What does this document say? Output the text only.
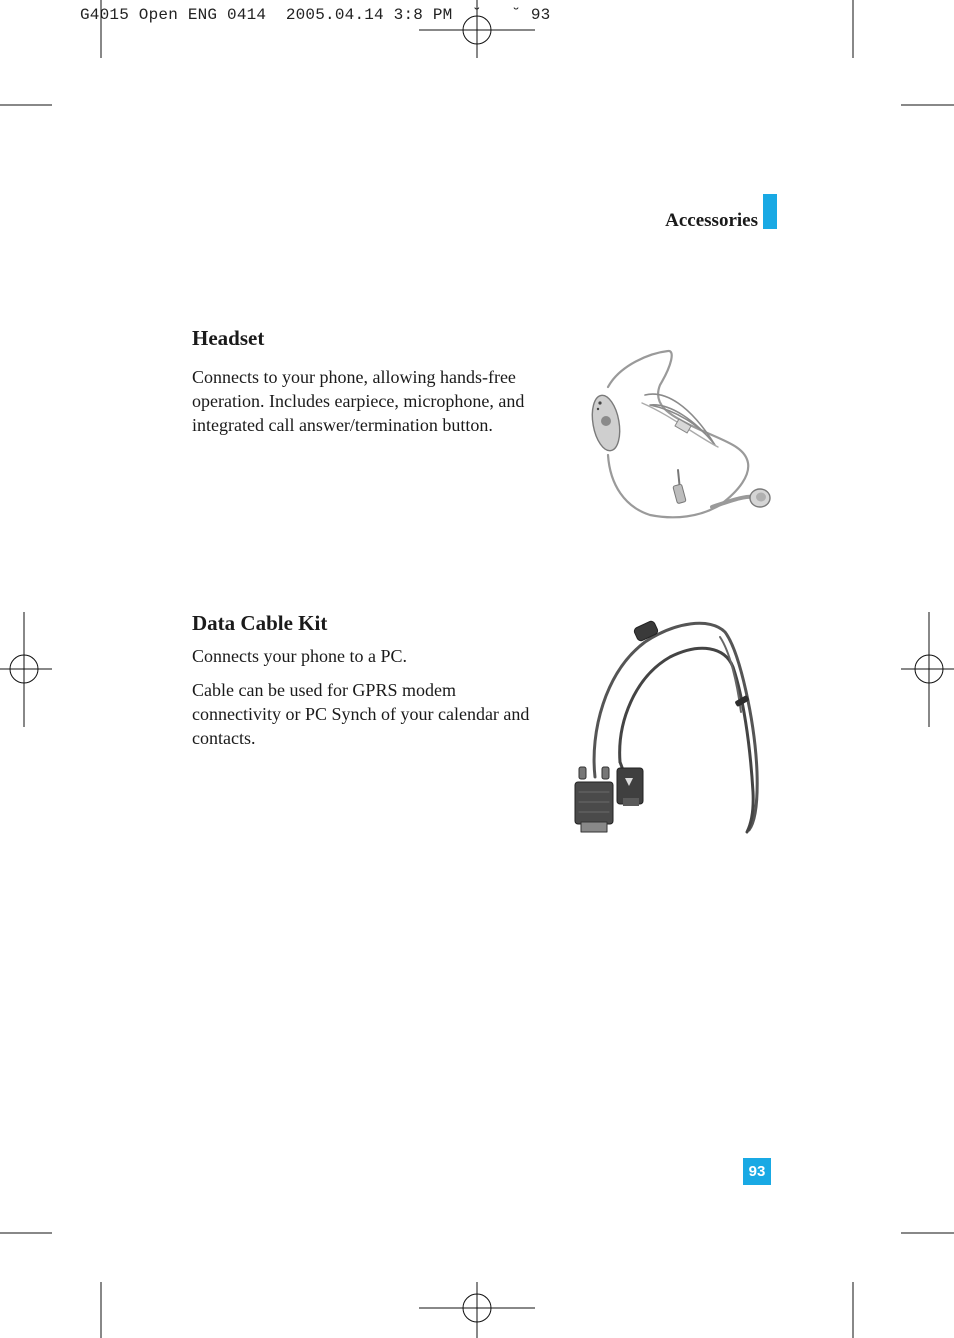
G4015 Open ENG 0414  2005.04.14 3:8 PM  ˘   ˘ 93
Accessories
Headset

Connects to your phone, allowing hands-free operation. Includes earpiece, microphone, and integrated call answer/termination button.

Data Cable Kit

Connects your phone to a PC.

Cable can be used for GPRS modem connectivity or PC Synch of your calendar and contacts.

93
